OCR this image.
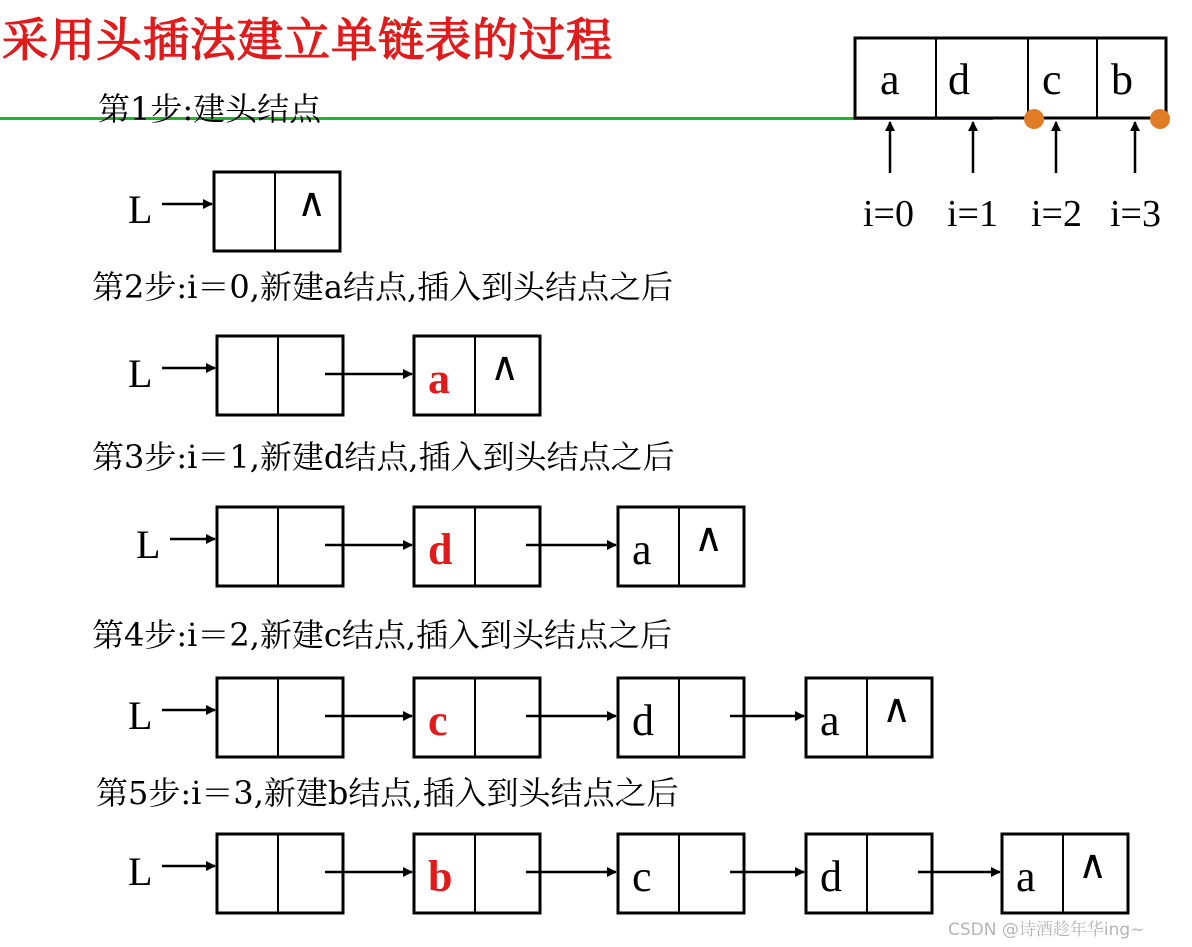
采用头插法建立单链表的过程
第1步:建头结点
第2步:i＝0,新建a结点,插入到头结点之后
第3步:i＝1,新建d结点,插入到头结点之后
第4步:i＝2,新建c结点,插入到头结点之后
第5步:i＝3,新建b结点,插入到头结点之后
a d c b
i=0 i=1 i=2 i=3
L	∧
L	a ∧
L	d	a ∧
L	c	d	a ∧
L	b	c	d	a ∧
CSDN @诗酒趁年华ing~
